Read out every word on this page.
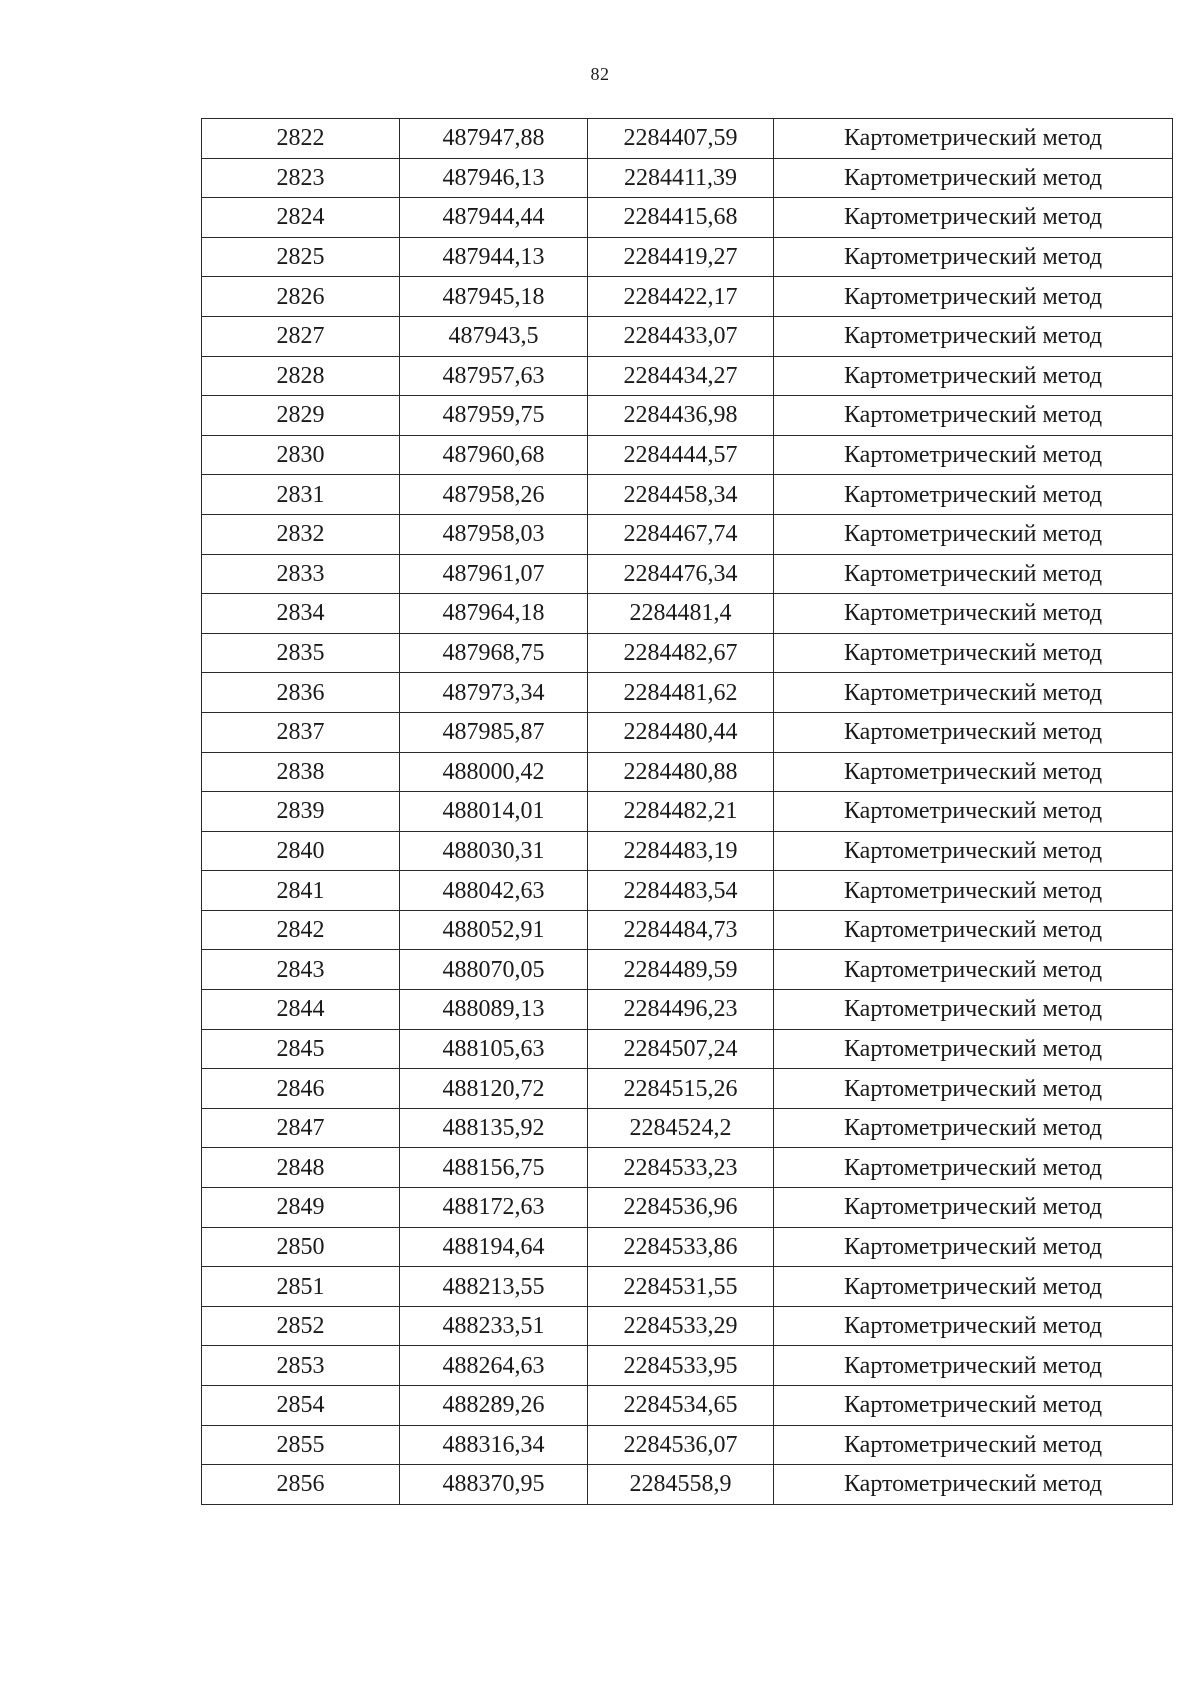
82
2822	487947,88	2284407,59	Картометрический метод
2823	487946,13	2284411,39	Картометрический метод
2824	487944,44	2284415,68	Картометрический метод
2825	487944,13	2284419,27	Картометрический метод
2826	487945,18	2284422,17	Картометрический метод
2827	487943,5	2284433,07	Картометрический метод
2828	487957,63	2284434,27	Картометрический метод
2829	487959,75	2284436,98	Картометрический метод
2830	487960,68	2284444,57	Картометрический метод
2831	487958,26	2284458,34	Картометрический метод
2832	487958,03	2284467,74	Картометрический метод
2833	487961,07	2284476,34	Картометрический метод
2834	487964,18	2284481,4	Картометрический метод
2835	487968,75	2284482,67	Картометрический метод
2836	487973,34	2284481,62	Картометрический метод
2837	487985,87	2284480,44	Картометрический метод
2838	488000,42	2284480,88	Картометрический метод
2839	488014,01	2284482,21	Картометрический метод
2840	488030,31	2284483,19	Картометрический метод
2841	488042,63	2284483,54	Картометрический метод
2842	488052,91	2284484,73	Картометрический метод
2843	488070,05	2284489,59	Картометрический метод
2844	488089,13	2284496,23	Картометрический метод
2845	488105,63	2284507,24	Картометрический метод
2846	488120,72	2284515,26	Картометрический метод
2847	488135,92	2284524,2	Картометрический метод
2848	488156,75	2284533,23	Картометрический метод
2849	488172,63	2284536,96	Картометрический метод
2850	488194,64	2284533,86	Картометрический метод
2851	488213,55	2284531,55	Картометрический метод
2852	488233,51	2284533,29	Картометрический метод
2853	488264,63	2284533,95	Картометрический метод
2854	488289,26	2284534,65	Картометрический метод
2855	488316,34	2284536,07	Картометрический метод
2856	488370,95	2284558,9	Картометрический метод
